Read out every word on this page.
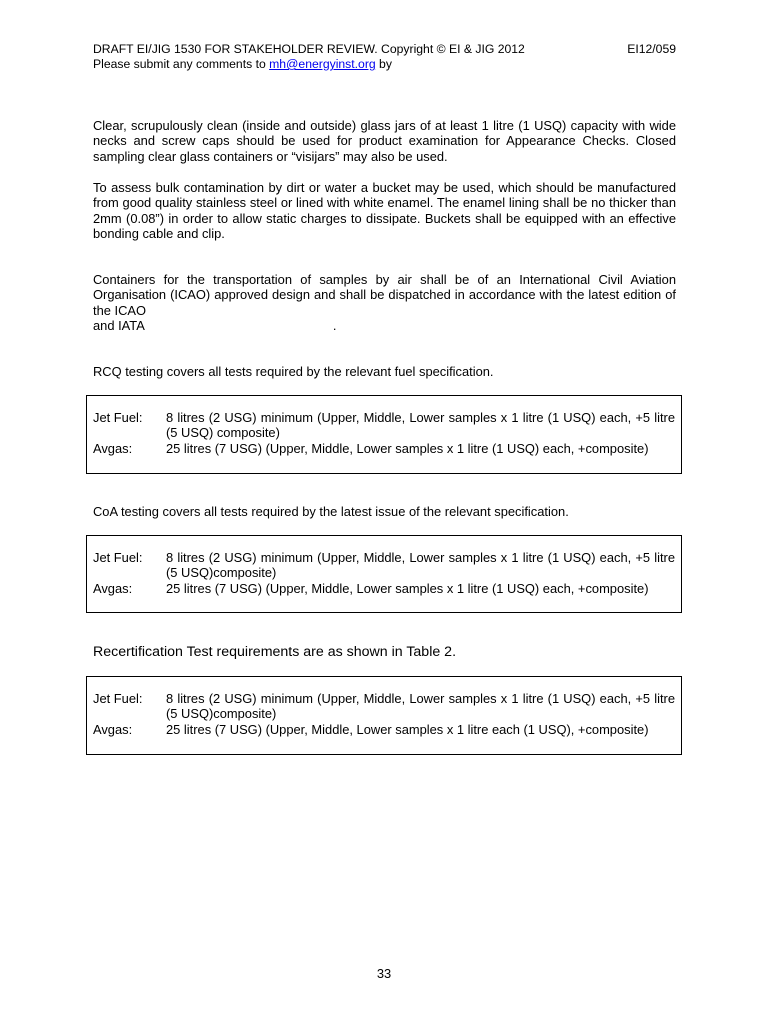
DRAFT EI/JIG 1530 FOR STAKEHOLDER REVIEW. Copyright © EI & JIG 2012	EI12/059
Please submit any comments to mh@energyinst.org by

Clear, scrupulously clean (inside and outside) glass jars of at least 1 litre (1 USQ) capacity with wide necks and screw caps should be used for product examination for Appearance Checks. Closed sampling clear glass containers or “visijars” may also be used.

To assess bulk contamination by dirt or water a bucket may be used, which should be manufactured from good quality stainless steel or lined with white enamel. The enamel lining shall be no thicker than 2mm (0.08”) in order to allow static charges to dissipate. Buckets shall be equipped with an effective bonding cable and clip.

Containers for the transportation of samples by air shall be of an International Civil Aviation Organisation (ICAO) approved design and shall be dispatched in accordance with the latest edition of the ICAO
and IATA	.

RCQ testing covers all tests required by the relevant fuel specification.

Jet Fuel:	8 litres (2 USG) minimum (Upper, Middle, Lower samples x 1 litre (1 USQ) each, +5 litre (5 USQ) composite)
Avgas:	25 litres (7 USG) (Upper, Middle, Lower samples x 1 litre (1 USQ) each, +composite)

CoA testing covers all tests required by the latest issue of the relevant specification.

Jet Fuel:	8 litres (2 USG) minimum (Upper, Middle, Lower samples x 1 litre (1 USQ) each, +5 litre (5 USQ)composite)
Avgas:	25 litres (7 USG) (Upper, Middle, Lower samples x 1 litre (1 USQ) each, +composite)
Recertification Test requirements are as shown in Table 2.
Jet Fuel:	8 litres (2 USG) minimum (Upper, Middle, Lower samples x 1 litre (1 USQ) each, +5 litre (5 USQ)composite)
Avgas:	25 litres (7 USG) (Upper, Middle, Lower samples x 1 litre each (1 USQ), +composite)
33
